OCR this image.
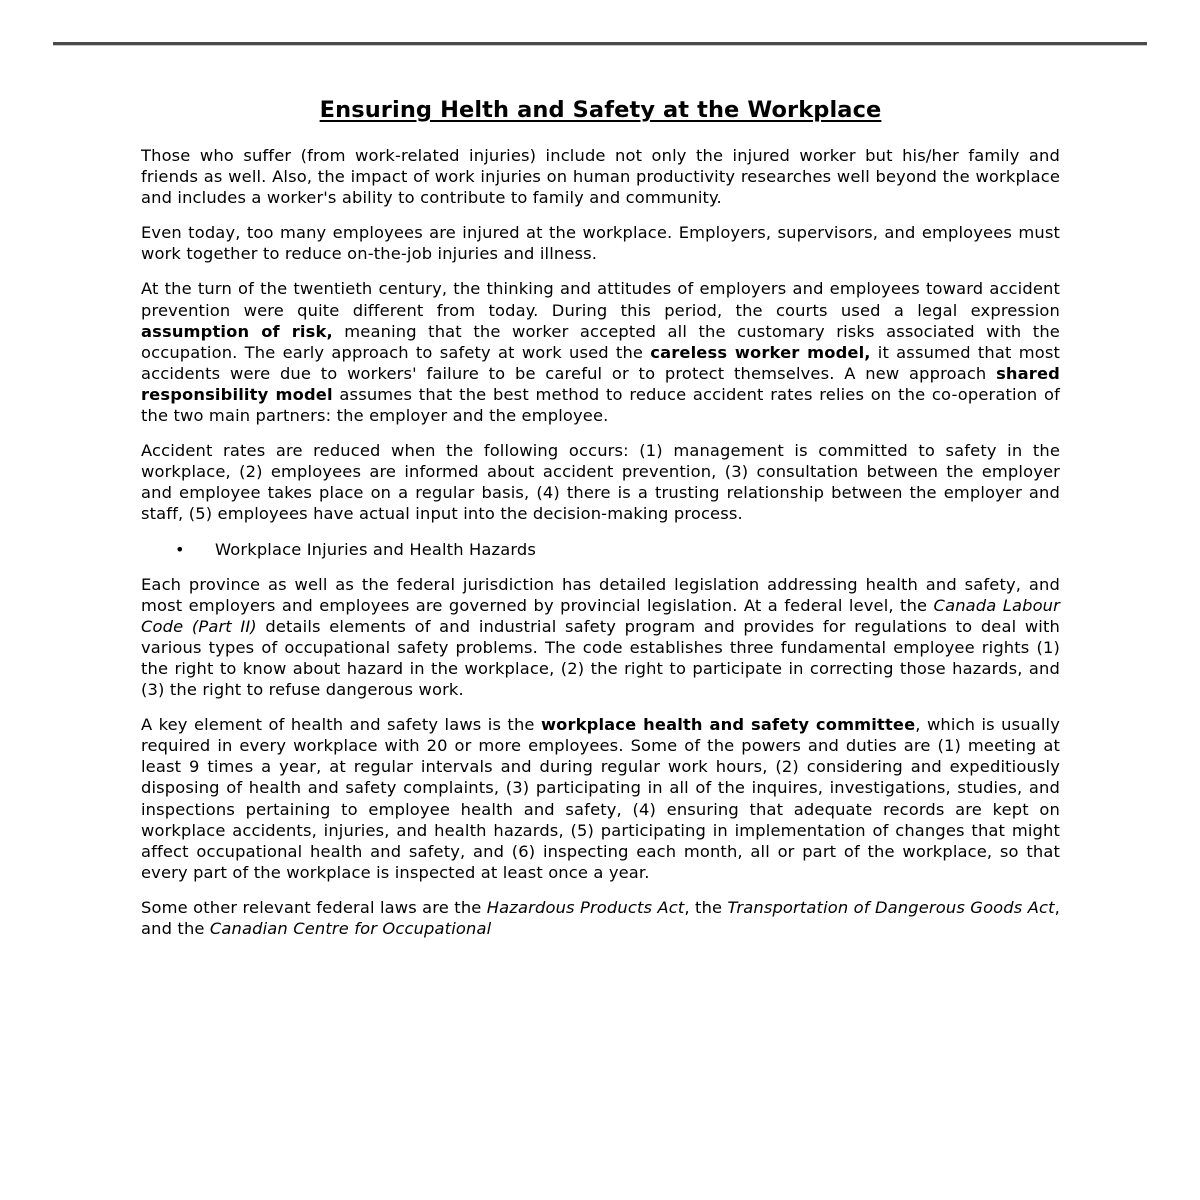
Ensuring Helth and Safety at the Workplace

Those who suffer (from work-related injuries) include not only the injured worker but his/her family and friends as well. Also, the impact of work injuries on human productivity researches well beyond the workplace and includes a worker's ability to contribute to family and community.

Even today, too many employees are injured at the workplace. Employers, supervisors, and employees must work together to reduce on-the-job injuries and illness.

At the turn of the twentieth century, the thinking and attitudes of employers and employees toward accident prevention were quite different from today. During this period, the courts used a legal expression assumption of risk, meaning that the worker accepted all the customary risks associated with the occupation. The early approach to safety at work used the careless worker model, it assumed that most accidents were due to workers' failure to be careful or to protect themselves. A new approach shared responsibility model assumes that the best method to reduce accident rates relies on the co-operation of the two main partners: the employer and the employee.

Accident rates are reduced when the following occurs: (1) management is committed to safety in the workplace, (2) employees are informed about accident prevention, (3) consultation between the employer and employee takes place on a regular basis, (4) there is a trusting relationship between the employer and staff, (5) employees have actual input into the decision-making process.

• Workplace Injuries and Health Hazards

Each province as well as the federal jurisdiction has detailed legislation addressing health and safety, and most employers and employees are governed by provincial legislation. At a federal level, the Canada Labour Code (Part II) details elements of and industrial safety program and provides for regulations to deal with various types of occupational safety problems. The code establishes three fundamental employee rights (1) the right to know about hazard in the workplace, (2) the right to participate in correcting those hazards, and (3) the right to refuse dangerous work.

A key element of health and safety laws is the workplace health and safety committee, which is usually required in every workplace with 20 or more employees. Some of the powers and duties are (1) meeting at least 9 times a year, at regular intervals and during regular work hours, (2) considering and expeditiously disposing of health and safety complaints, (3) participating in all of the inquires, investigations, studies, and inspections pertaining to employee health and safety, (4) ensuring that adequate records are kept on workplace accidents, injuries, and health hazards, (5) participating in implementation of changes that might affect occupational health and safety, and (6) inspecting each month, all or part of the workplace, so that every part of the workplace is inspected at least once a year.

Some other relevant federal laws are the Hazardous Products Act, the Transportation of Dangerous Goods Act, and the Canadian Centre for Occupational
